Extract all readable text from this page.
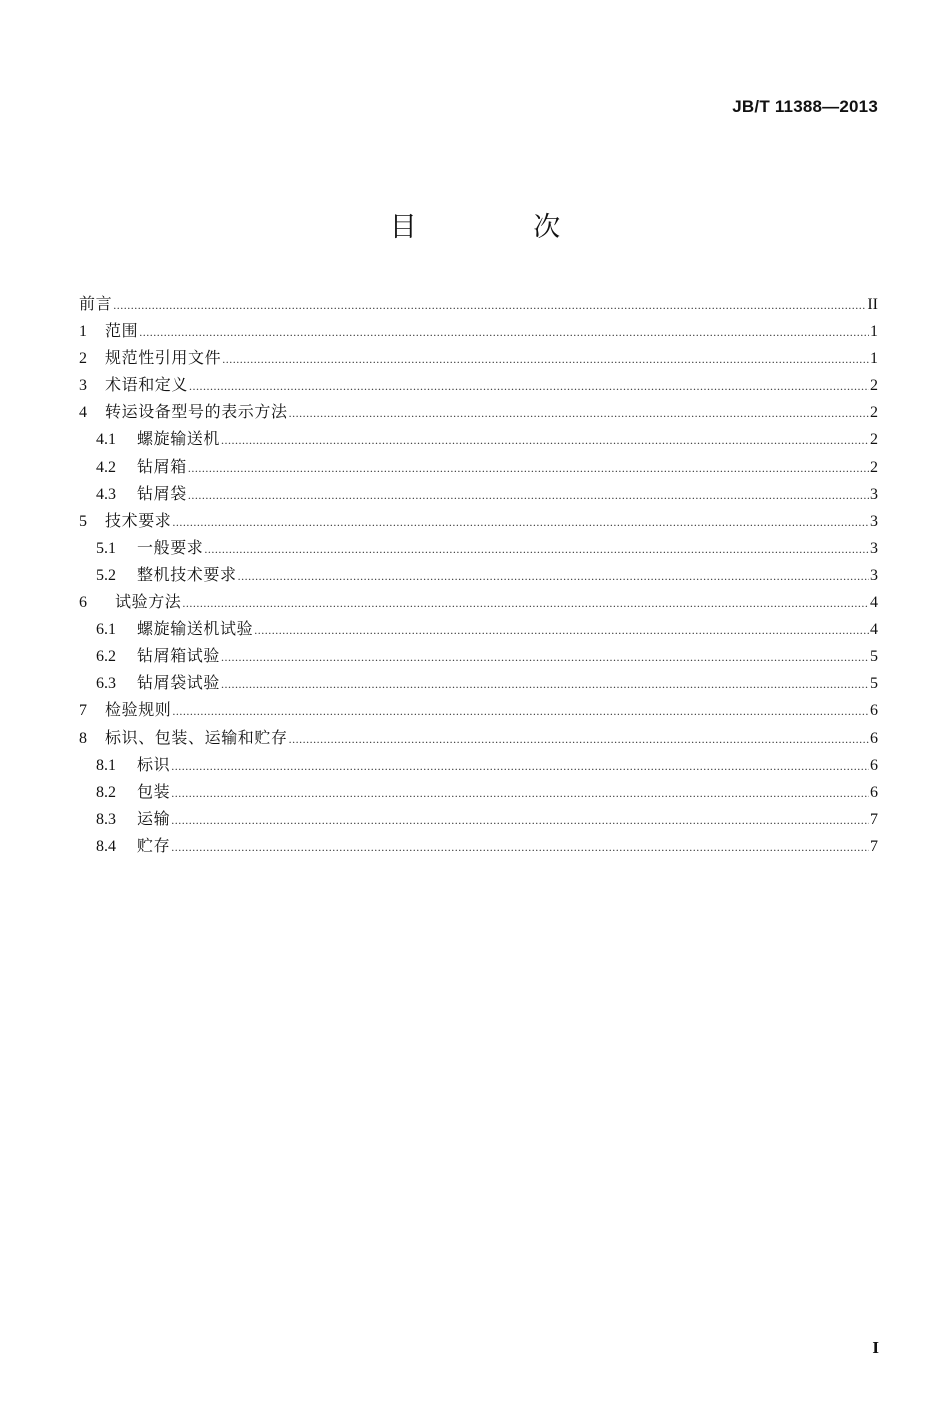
JB/T 11388—2013
目 次
前言 .....	II
1	范围 .....	1
2	规范性引用文件 .....	1
3	术语和定义 .....	2
4	转运设备型号的表示方法 .....	2
4.1	螺旋输送机 .....	2
4.2	钻屑箱 .....	2
4.3	钻屑袋 .....	3
5	技术要求 .....	3
5.1	一般要求 .....	3
5.2	整机技术要求 .....	3
6	试验方法 .....	4
6.1	螺旋输送机试验 .....	4
6.2	钻屑箱试验 .....	5
6.3	钻屑袋试验 .....	5
7	检验规则 .....	6
8	标识、包装、运输和贮存 .....	6
8.1	标识 .....	6
8.2	包装 .....	6
8.3	运输 .....	7
8.4	贮存 .....	7
I
